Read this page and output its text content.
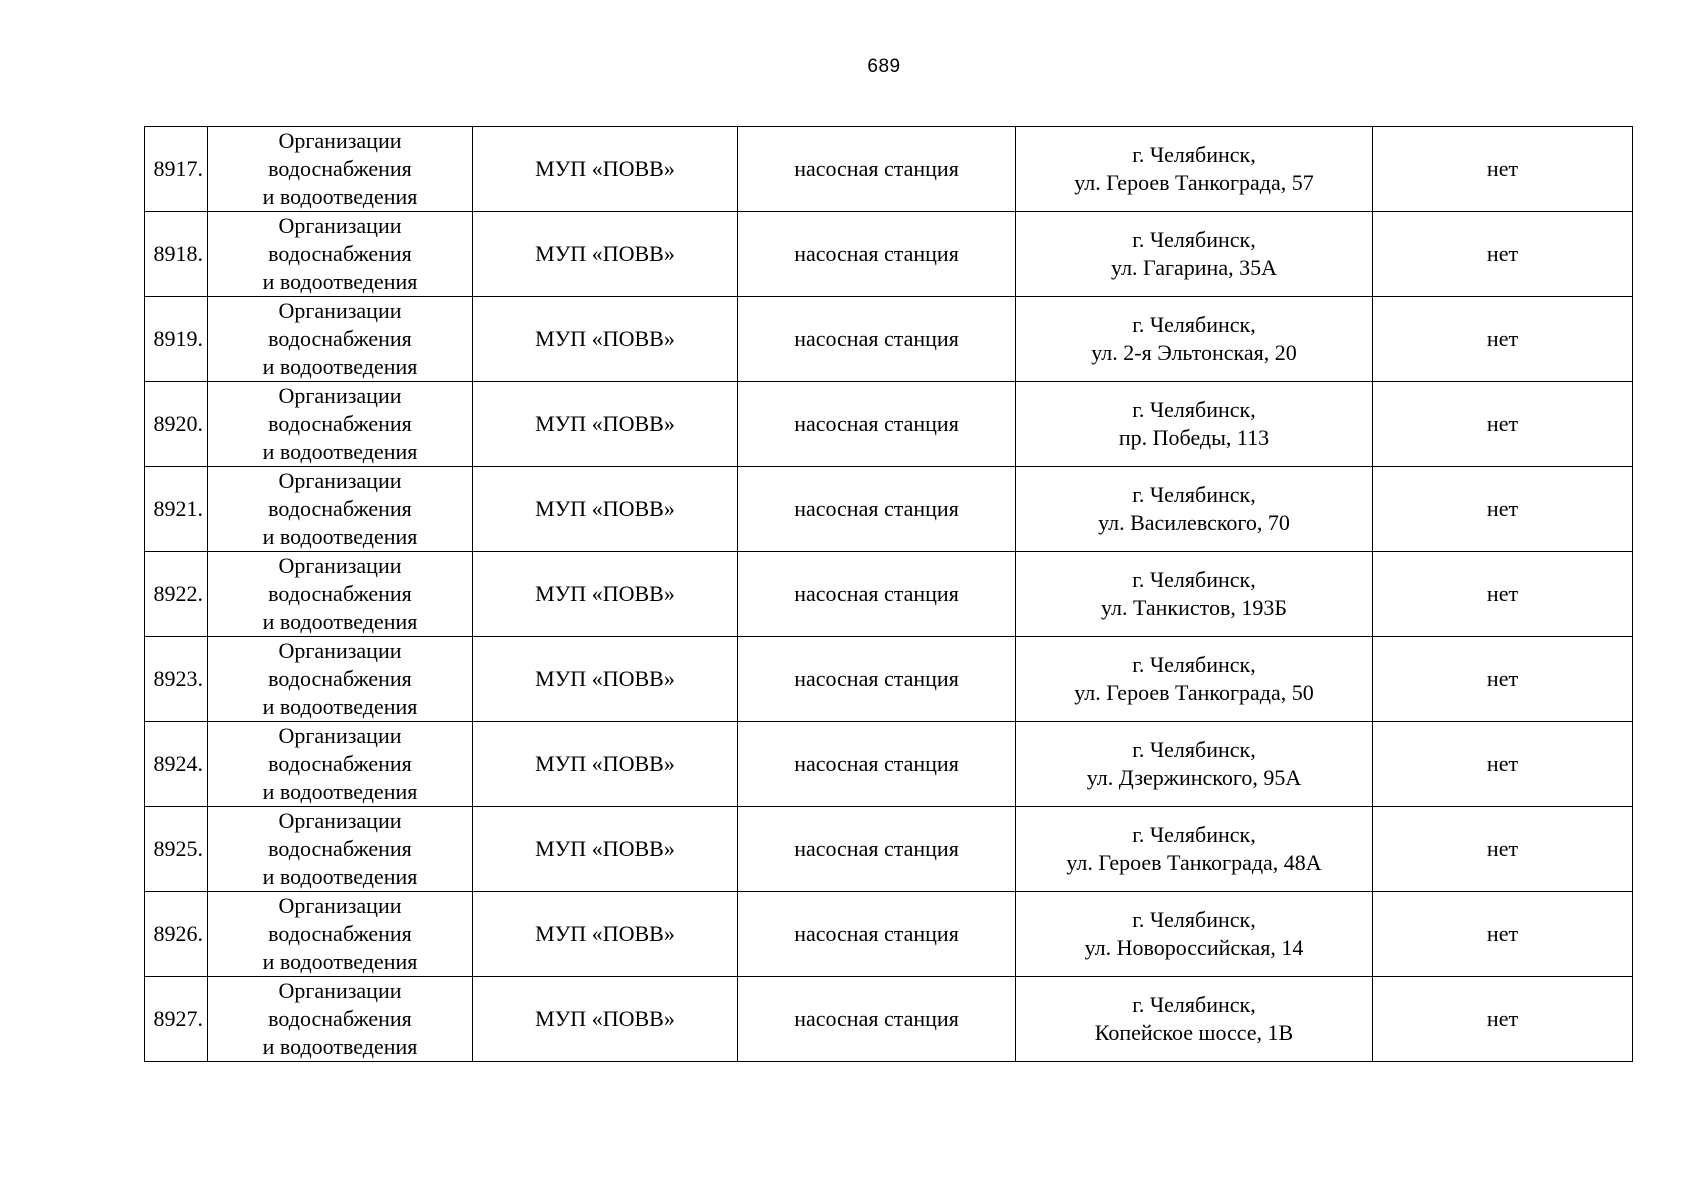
689
8917.	Организации
водоснабжения
и водоотведения	МУП «ПОВВ»	насосная станция	г. Челябинск,
ул. Героев Танкограда, 57	нет
8918.	Организации
водоснабжения
и водоотведения	МУП «ПОВВ»	насосная станция	г. Челябинск,
ул. Гагарина, 35А	нет
8919.	Организации
водоснабжения
и водоотведения	МУП «ПОВВ»	насосная станция	г. Челябинск,
ул. 2-я Эльтонская, 20	нет
8920.	Организации
водоснабжения
и водоотведения	МУП «ПОВВ»	насосная станция	г. Челябинск,
пр. Победы, 113	нет
8921.	Организации
водоснабжения
и водоотведения	МУП «ПОВВ»	насосная станция	г. Челябинск,
ул. Василевского, 70	нет
8922.	Организации
водоснабжения
и водоотведения	МУП «ПОВВ»	насосная станция	г. Челябинск,
ул. Танкистов, 193Б	нет
8923.	Организации
водоснабжения
и водоотведения	МУП «ПОВВ»	насосная станция	г. Челябинск,
ул. Героев Танкограда, 50	нет
8924.	Организации
водоснабжения
и водоотведения	МУП «ПОВВ»	насосная станция	г. Челябинск,
ул. Дзержинского, 95А	нет
8925.	Организации
водоснабжения
и водоотведения	МУП «ПОВВ»	насосная станция	г. Челябинск,
ул. Героев Танкограда, 48А	нет
8926.	Организации
водоснабжения
и водоотведения	МУП «ПОВВ»	насосная станция	г. Челябинск,
ул. Новороссийская, 14	нет
8927.	Организации
водоснабжения
и водоотведения	МУП «ПОВВ»	насосная станция	г. Челябинск,
Копейское шоссе, 1В	нет
